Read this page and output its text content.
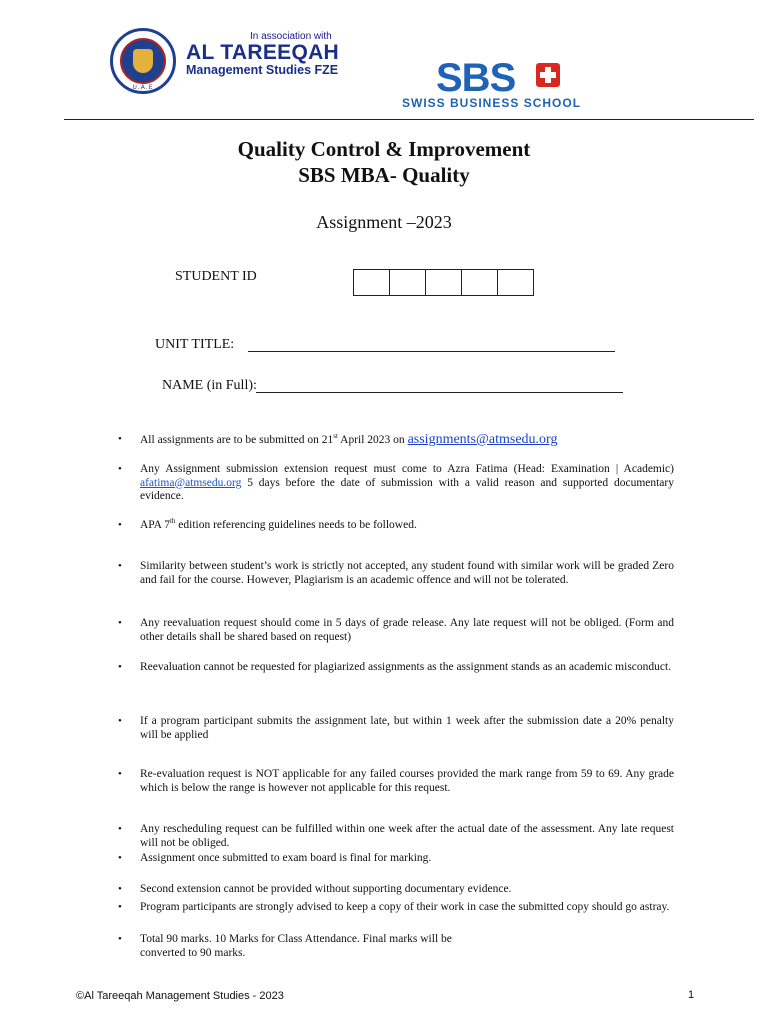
U.A.E
In association with
AL TAREEQAH
Management Studies FZE SBS
SWISS BUSINESS SCHOOL
Quality Control & Improvement
SBS MBA- Quality
Assignment –2023
STUDENT ID
UNIT TITLE:
NAME (in Full):
• All assignments are to be submitted on 21st April 2023 on assignments@atmsedu.org
• Any Assignment submission extension request must come to Azra Fatima (Head: Examination | Academic) afatima@atmsedu.org 5 days before the date of submission with a valid reason and supported documentary evidence.
• APA 7th edition referencing guidelines needs to be followed.
• Similarity between student’s work is strictly not accepted, any student found with similar work will be graded Zero and fail for the course. However, Plagiarism is an academic offence and will not be tolerated.
• Any reevaluation request should come in 5 days of grade release. Any late request will not be obliged. (Form and other details shall be shared based on request)
• Reevaluation cannot be requested for plagiarized assignments as the assignment stands as an academic misconduct.
• If a program participant submits the assignment late, but within 1 week after the submission date a 20% penalty will be applied
• Re-evaluation request is NOT applicable for any failed courses provided the mark range from 59 to 69. Any grade which is below the range is however not applicable for this request.
• Any rescheduling request can be fulfilled within one week after the actual date of the assessment. Any late request will not be obliged.
• Assignment once submitted to exam board is final for marking.
• Second extension cannot be provided without supporting documentary evidence.
• Program participants are strongly advised to keep a copy of their work in case the submitted copy should go astray.
• Total 90 marks. 10 Marks for Class Attendance. Final marks will be
converted to 90 marks.
©Al Tareeqah Management Studies - 2023	1
